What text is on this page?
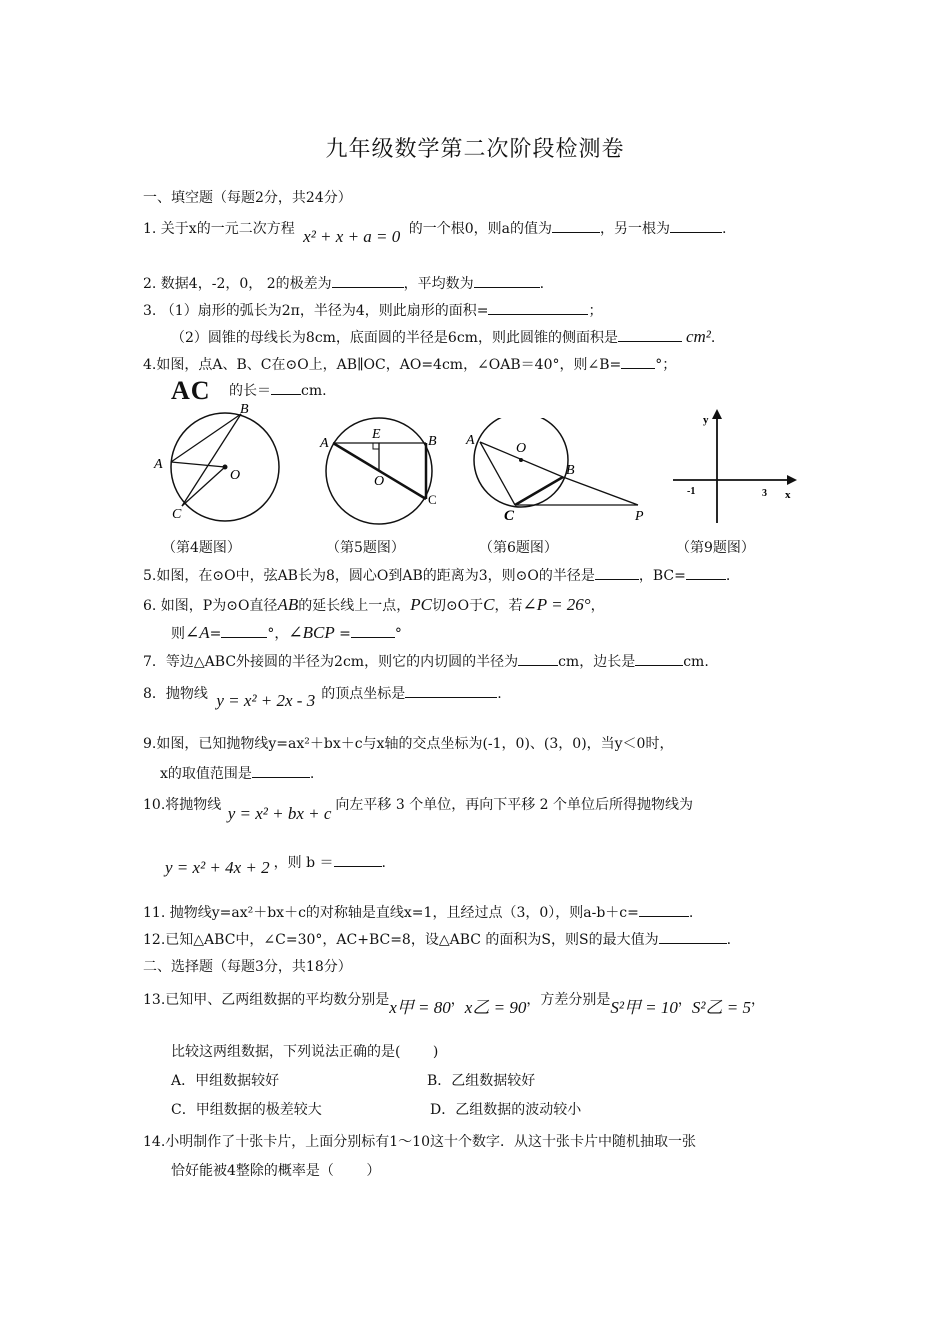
九年级数学第二次阶段检测卷
一、填空题（每题2分，共24分）
1. 关于x的一元二次方程 x² + x + a = 0 的一个根0，则a的值为	，另一根为	.
2. 数据4，-2，0， 2的极差为	，平均数为	.
3. （1）扇形的弧长为2π，半径为4，则此扇形的面积=	；
（2）圆锥的母线长为8cm，底面圆的半径是6cm，则此圆锥的侧面积是	cm².
4.如图，点A、B、C在⊙O上，AB∥OC，AO=4cm，∠OAB＝40°，则∠B= °；
AC 的长＝ cm.
A
B
C
O
（第4题图）
A	B
C
E
O
（第5题图）
A
B
C
O
P
（第6题图）
y
x
-1	3
（第9题图）
5.如图，在⊙O中，弦AB长为8，圆心O到AB的距离为3，则⊙O的半径是	，BC=	.
6. 如图，P为⊙O直径AB的延长线上一点，PC切⊙O于C，若∠P = 26°，
则∠A=	°，∠BCP =	°
7．等边△ABC外接圆的半径为2cm，则它的内切圆的半径为	cm，边长是	cm.
8．抛物线 y = x² + 2x - 3 的顶点坐标是	.
9.如图，已知抛物线y=ax²＋bx＋c与x轴的交点坐标为(-1，0)、(3，0)，当y＜0时，
x的取值范围是	.
10.将抛物线 y = x² + bx + c 向左平移 3 个单位，再向下平移 2 个单位后所得抛物线为
y = x² + 4x + 2 ，则 b ＝	.
11. 抛物线y=ax²＋bx＋c的对称轴是直线x=1，且经过点（3，0），则a-b＋c=	.
12.已知△ABC中，∠C=30°，AC+BC=8，设△ABC 的面积为S，则S的最大值为	.
二、选择题（每题3分，共18分）
13.已知甲、乙两组数据的平均数分别是x甲 = 80，x乙 = 90，方差分别是S²甲 = 10，S²乙 = 5，
比较这两组数据，下列说法正确的是(　　 )
A．甲组数据较好	B．乙组数据较好
C．甲组数据的极差较大	D．乙组数据的波动较小
14.小明制作了十张卡片，上面分别标有1～10这十个数字．从这十张卡片中随机抽取一张
恰好能被4整除的概率是（　　 ）
